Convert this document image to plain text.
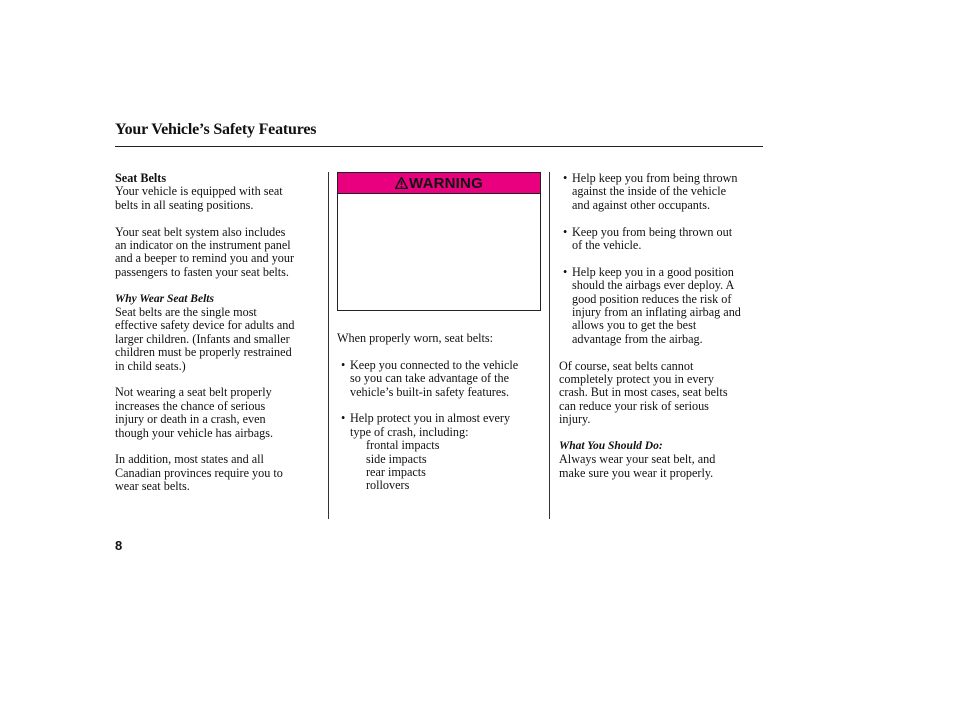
Your Vehicle’s Safety Features

Seat Belts

Your vehicle is equipped with seat
belts in all seating positions.

Your seat belt system also includes
an indicator on the instrument panel
and a beeper to remind you and your
passengers to fasten your seat belts.

Why Wear Seat Belts

Seat belts are the single most
effective safety device for adults and
larger children. (Infants and smaller
children must be properly restrained
in child seats.)

Not wearing a seat belt properly
increases the chance of serious
injury or death in a crash, even
though your vehicle has airbags.

In addition, most states and all
Canadian provinces require you to
wear seat belts.

WARNING

When properly worn, seat belts:

• Keep you connected to the vehicle
so you can take advantage of the
vehicle’s built-in safety features.
• Help protect you in almost every
type of crash, including:
frontal impacts
side impacts
rear impacts
rollovers
• Help keep you from being thrown
against the inside of the vehicle
and against other occupants.
• Keep you from being thrown out
of the vehicle.
• Help keep you in a good position
should the airbags ever deploy. A
good position reduces the risk of
injury from an inflating airbag and
allows you to get the best
advantage from the airbag.

Of course, seat belts cannot
completely protect you in every
crash. But in most cases, seat belts
can reduce your risk of serious
injury.

What You Should Do:

Always wear your seat belt, and
make sure you wear it properly.

8
